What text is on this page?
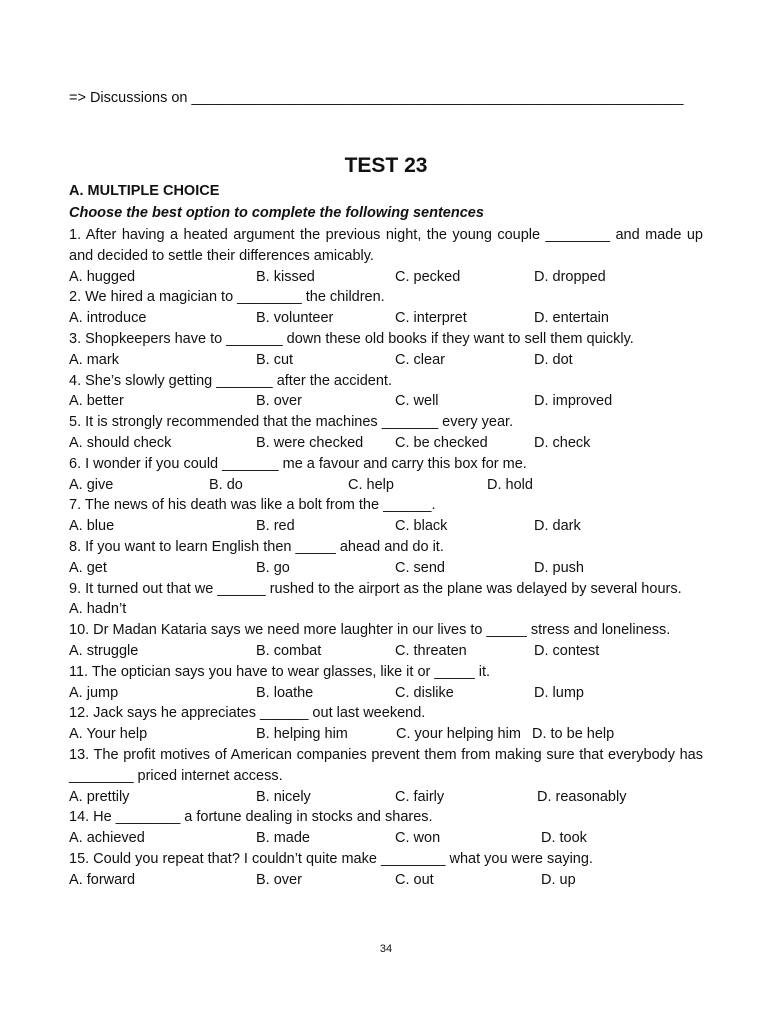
=> Discussions on _____________________________________________________________
TEST 23
A. MULTIPLE CHOICE
Choose the best option to complete the following sentences

1. After having a heated argument the previous night, the young couple ________ and made up and decided to settle their differences amicably.

A. hugged	B. kissed	C. pecked	D. dropped

2. We hired a magician to ________ the children.

A. introduce	B. volunteer	C. interpret	D. entertain

3. Shopkeepers have to _______ down these old books if they want to sell them quickly.

A. mark	B. cut	C. clear	D. dot

4. She’s slowly getting _______ after the accident.

A. better	B. over	C. well	D. improved

5. It is strongly recommended that the machines _______ every year.

A. should check	B. were checked C. be checked	D. check

6. I wonder if you could _______ me a favour and carry this box for me.

A. give	B. do	C. help	D. hold

7. The news of his death was like a bolt from the ______.

A. blue	B. red	C. black	D. dark

8. If you want to learn English then _____ ahead and do it.

A. get	B. go	C. send	D. push

9. It turned out that we ______ rushed to the airport as the plane was delayed by several hours.

A. hadn’t

10. Dr Madan Kataria says we need more laughter in our lives to _____ stress and loneliness.

A. struggle	B. combat	C. threaten	D. contest

11. The optician says you have to wear glasses, like it or _____ it.

A. jump	B. loathe	C. dislike	D. lump

12. Jack says he appreciates ______ out last weekend.

A. Your help	B. helping him	C. your helping him D. to be help

13. The profit motives of American companies prevent them from making sure that everybody has ________ priced internet access.

A. prettily	B. nicely	C. fairly	D. reasonably

14. He ________ a fortune dealing in stocks and shares.

A. achieved	B. made	C. won	D. took

15. Could you repeat that? I couldn’t quite make ________ what you were saying.

A. forward	B. over	C. out	D. up
34
